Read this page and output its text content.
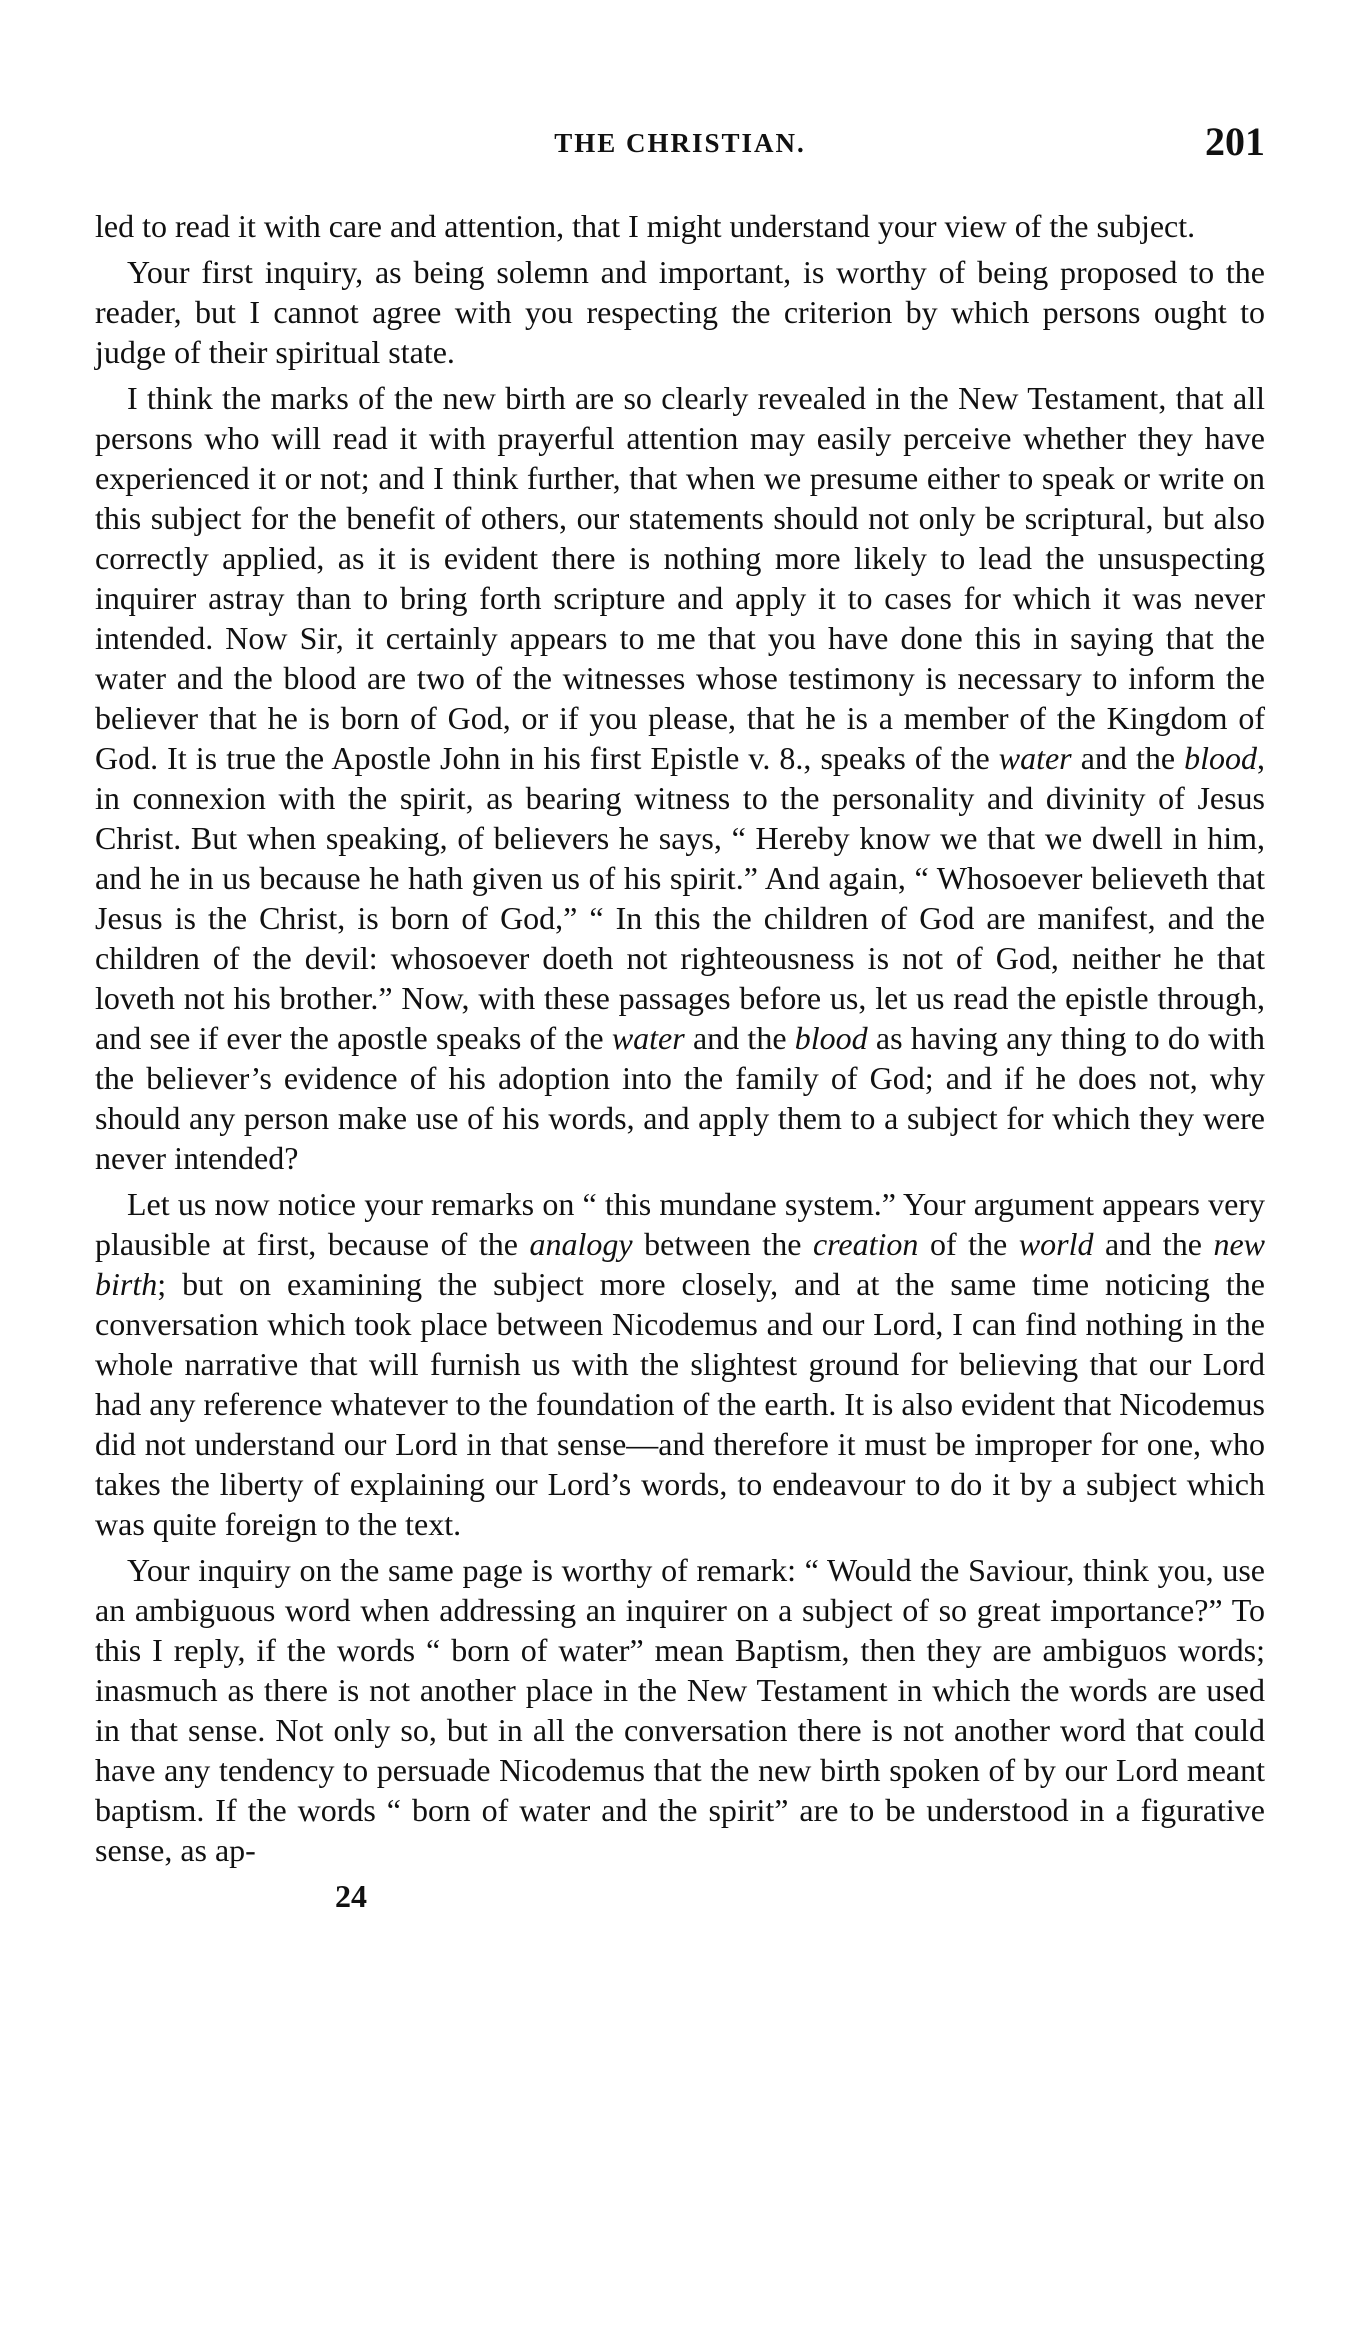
THE CHRISTIAN.	201

led to read it with care and attention, that I might understand your view of the subject.

Your first inquiry, as being solemn and important, is worthy of being proposed to the reader, but I cannot agree with you respecting the criterion by which persons ought to judge of their spiritual state.

I think the marks of the new birth are so clearly revealed in the New Testament, that all persons who will read it with prayerful attention may easily perceive whether they have experienced it or not; and I think further, that when we presume either to speak or write on this subject for the benefit of others, our statements should not only be scriptural, but also correctly applied, as it is evident there is nothing more likely to lead the unsuspecting inquirer astray than to bring forth scripture and apply it to cases for which it was never intended. Now Sir, it certainly appears to me that you have done this in saying that the water and the blood are two of the witnesses whose testimony is necessary to inform the believer that he is born of God, or if you please, that he is a member of the Kingdom of God. It is true the Apostle John in his first Epistle v. 8., speaks of the water and the blood, in connexion with the spirit, as bearing witness to the personality and divinity of Jesus Christ. But when speaking, of believers he says, “ Hereby know we that we dwell in him, and he in us because he hath given us of his spirit.” And again, “ Whosoever believeth that Jesus is the Christ, is born of God,” “ In this the children of God are manifest, and the children of the devil: whosoever doeth not righteousness is not of God, neither he that loveth not his brother.” Now, with these passages before us, let us read the epistle through, and see if ever the apostle speaks of the water and the blood as having any thing to do with the believer’s evidence of his adoption into the family of God; and if he does not, why should any person make use of his words, and apply them to a subject for which they were never intended?

Let us now notice your remarks on “ this mundane system.” Your argument appears very plausible at first, because of the analogy between the creation of the world and the new birth; but on examining the subject more closely, and at the same time noticing the conversation which took place between Nicodemus and our Lord, I can find nothing in the whole narrative that will furnish us with the slightest ground for believing that our Lord had any reference whatever to the foundation of the earth. It is also evident that Nicodemus did not understand our Lord in that sense—and therefore it must be improper for one, who takes the liberty of explaining our Lord’s words, to endeavour to do it by a subject which was quite foreign to the text.

Your inquiry on the same page is worthy of remark: “ Would the Saviour, think you, use an ambiguous word when addressing an inquirer on a subject of so great importance?” To this I reply, if the words “ born of water” mean Baptism, then they are ambiguos words; inasmuch as there is not another place in the New Testament in which the words are used in that sense. Not only so, but in all the conversation there is not another word that could have any tendency to persuade Nicodemus that the new birth spoken of by our Lord meant baptism. If the words “ born of water and the spirit” are to be understood in a figurative sense, as ap-

24
